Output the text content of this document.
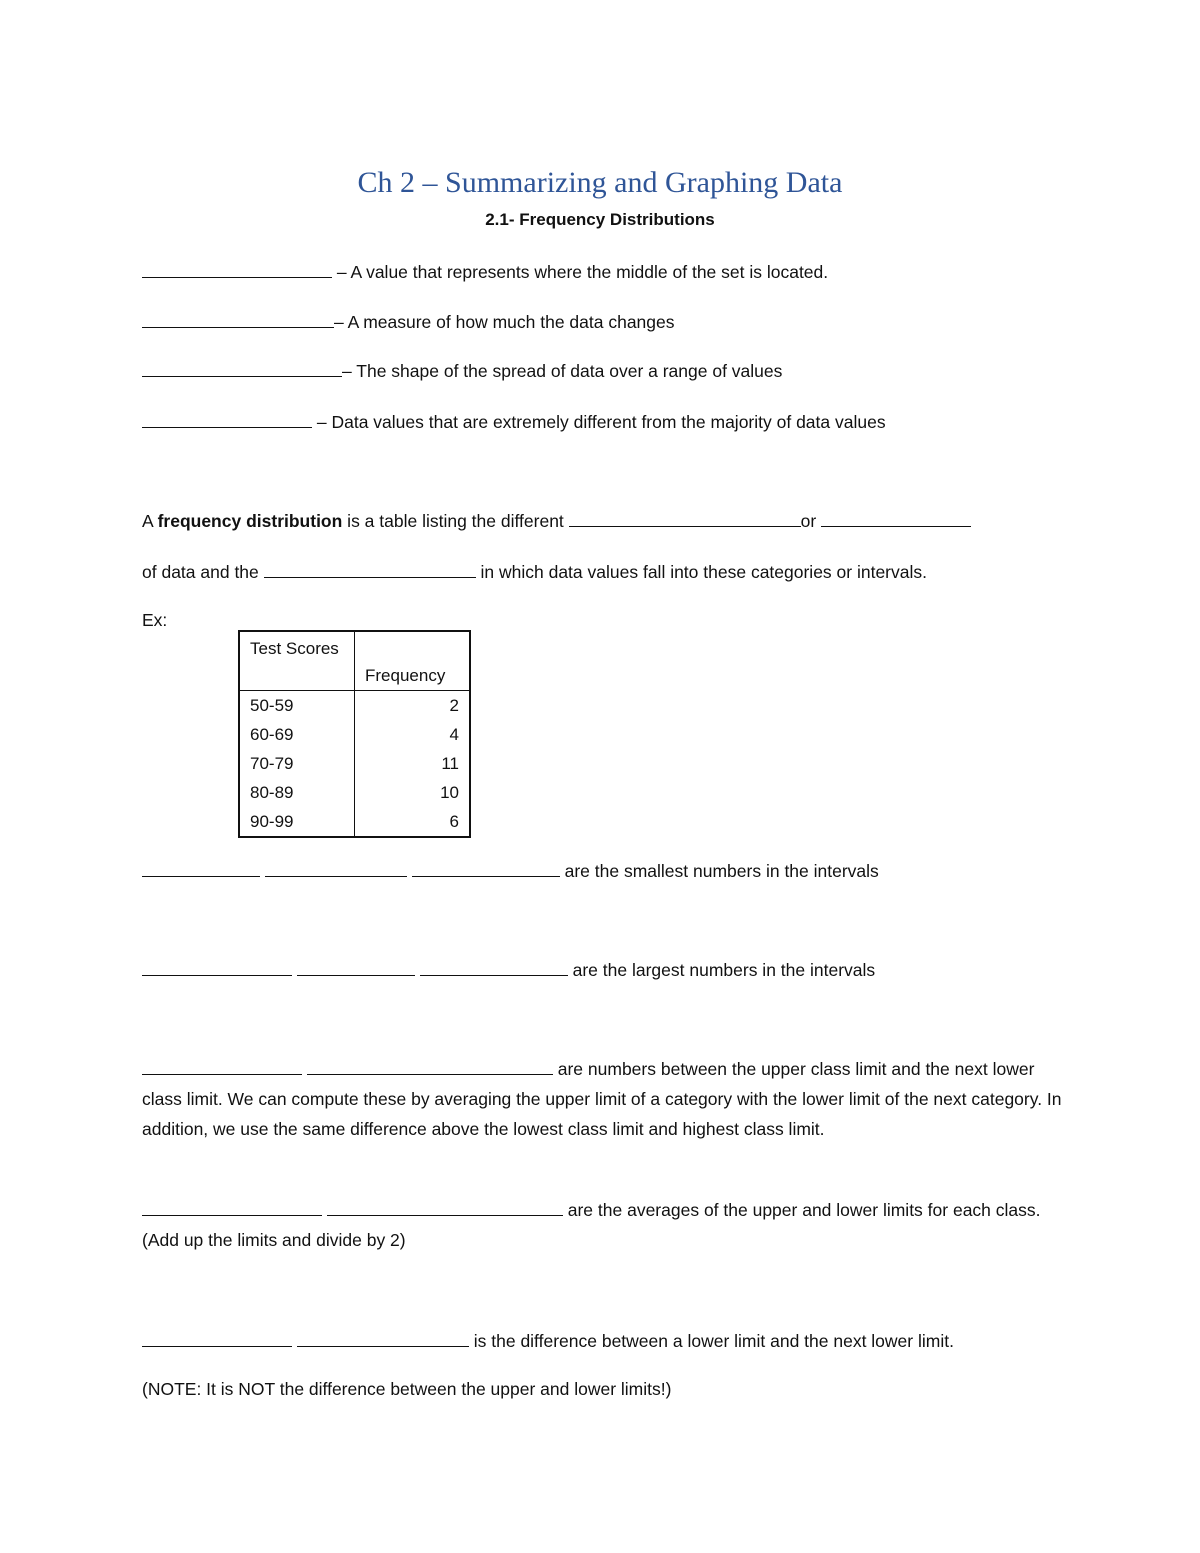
Ch 2 – Summarizing and Graphing Data
2.1- Frequency Distributions
– A value that represents where the middle of the set is located.
– A measure of how much the data changes
– The shape of the spread of data over a range of values
– Data values that are extremely different from the majority of data values
A frequency distribution is a table listing the different	or
of data and the	in which data values fall into these categories or intervals.
Ex:
Test Scores	Frequency
50-59	2
60-69	4
70-79	11
80-89	10
90-99	6
are the smallest numbers in the intervals
are the largest numbers in the intervals
are numbers between the upper class limit and the next lower class limit. We can compute these by averaging the upper limit of a category with the lower limit of the next category. In addition, we use the same difference above the lowest class limit and highest class limit.
are the averages of the upper and lower limits for each class.     (Add up the limits and divide by 2)
is the difference between a lower limit and the next lower limit.
(NOTE: It is NOT the difference between the upper and lower limits!)
